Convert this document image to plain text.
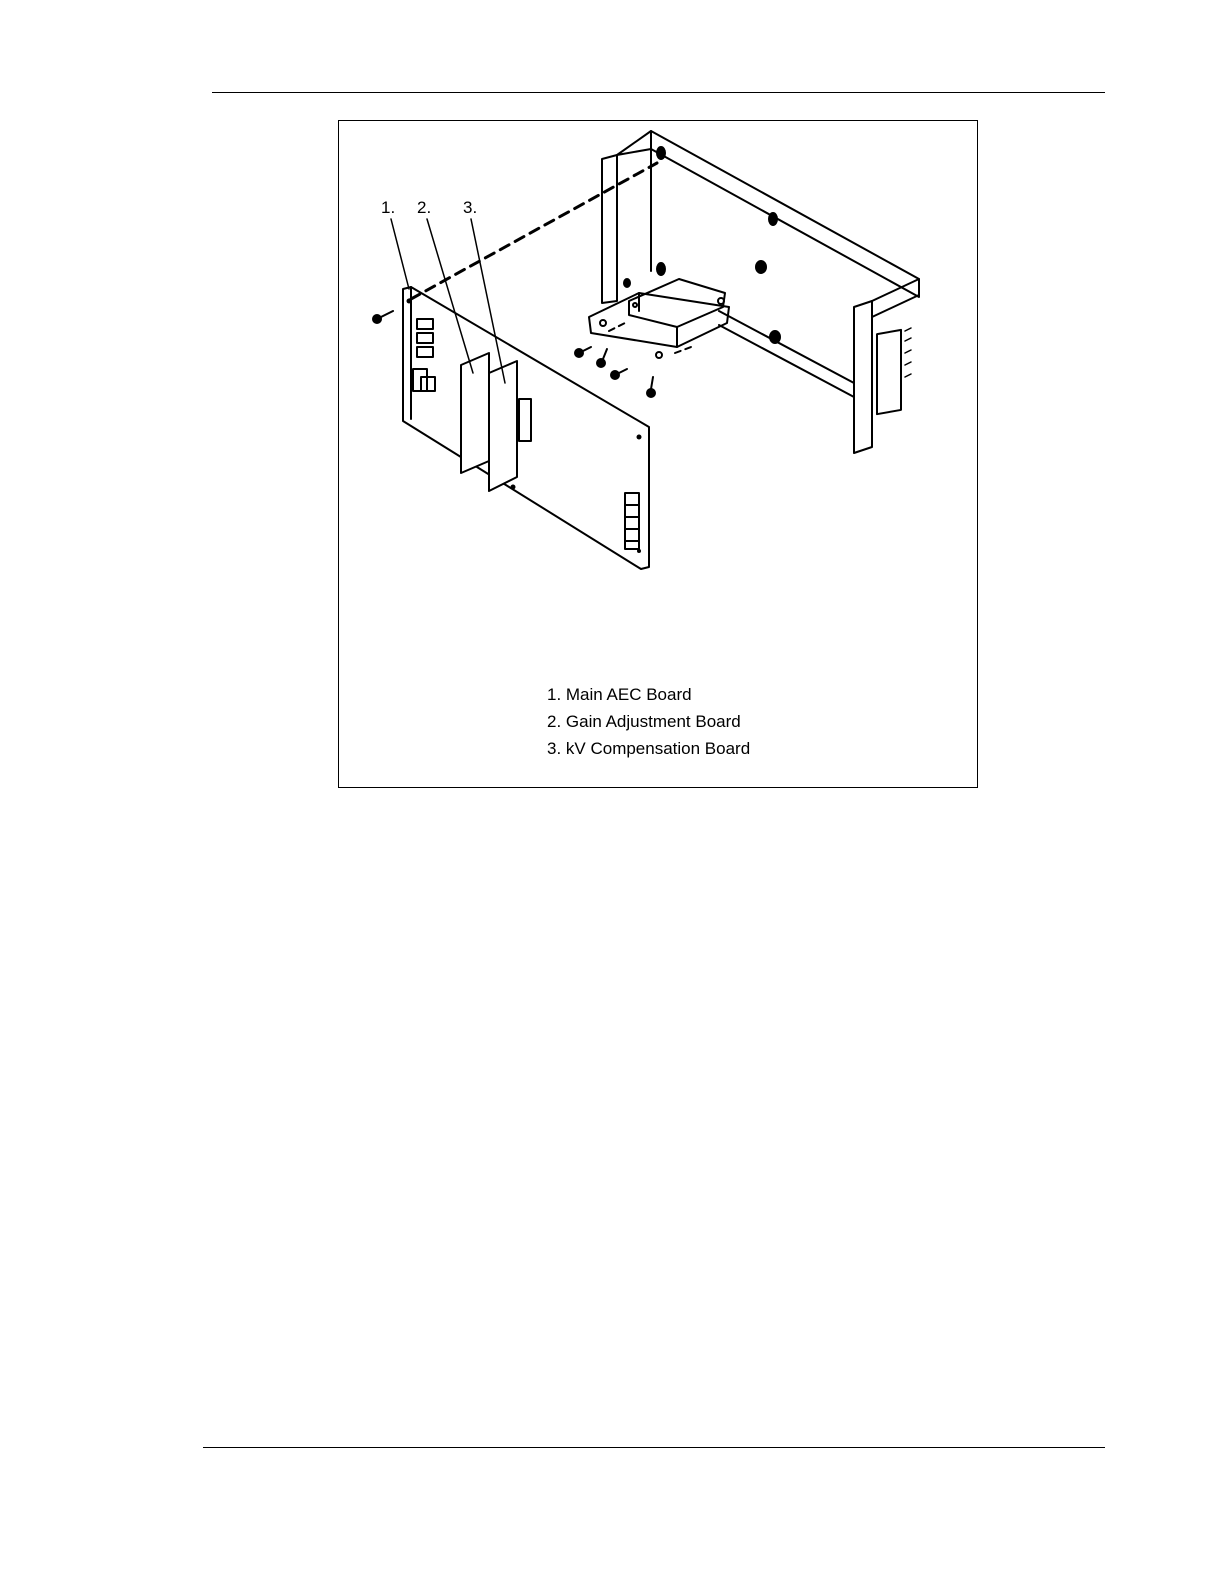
1. 2. 3.
1. Main AEC Board
2. Gain Adjustment Board
3. kV Compensation Board
